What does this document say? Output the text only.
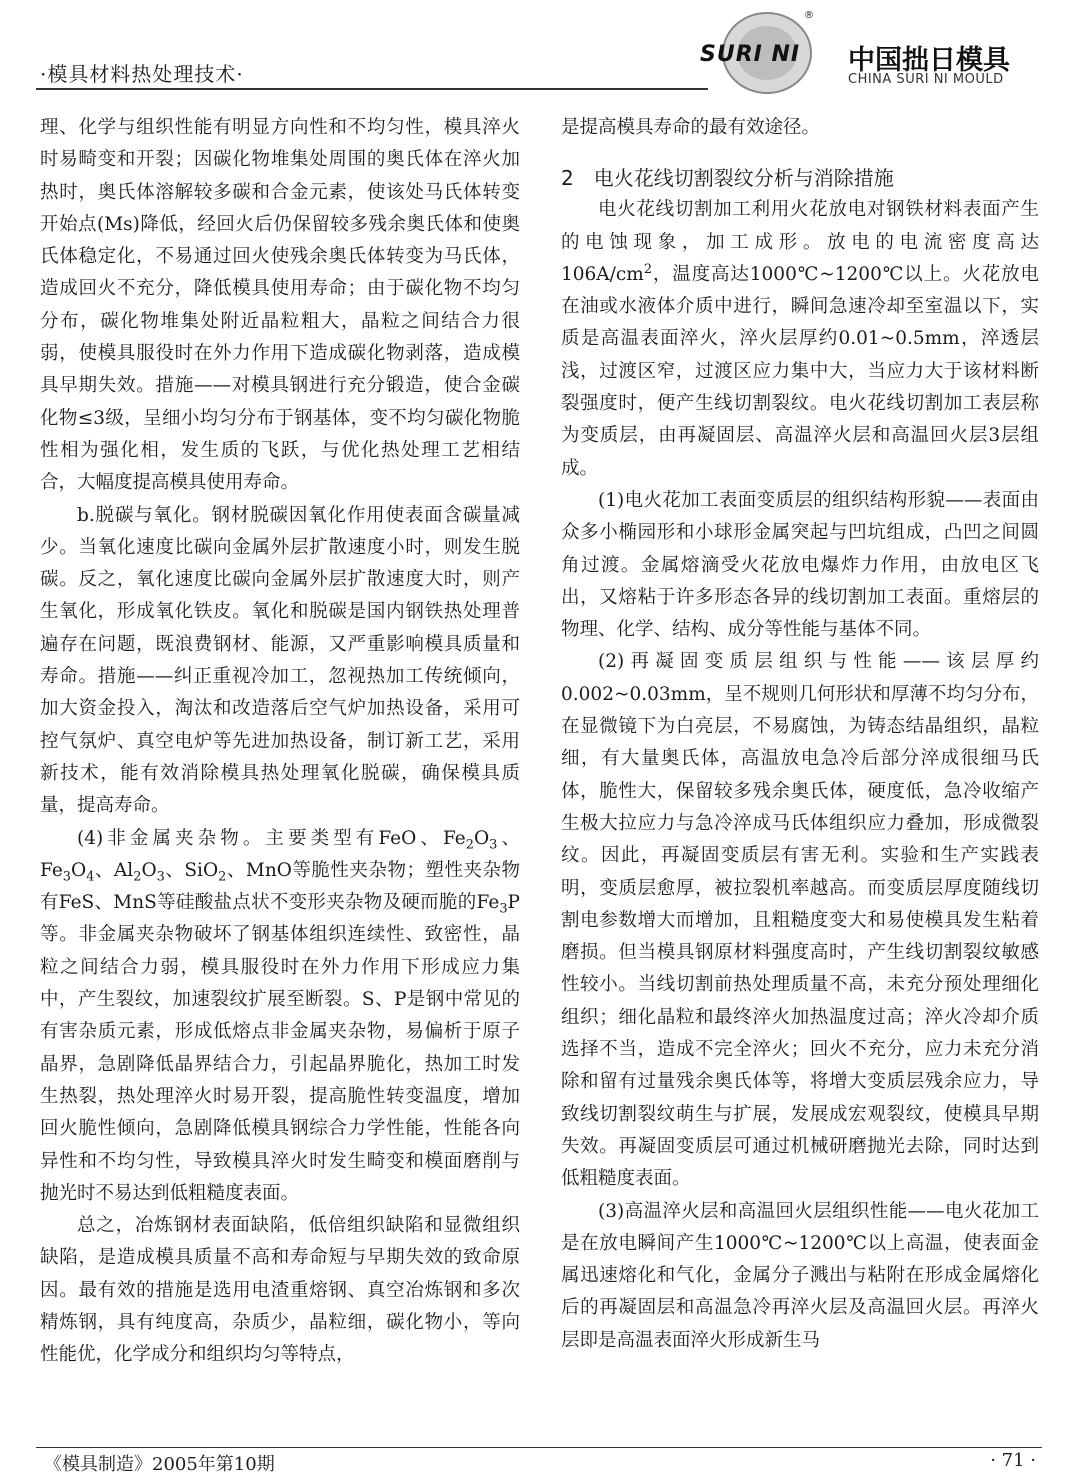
·模具材料热处理技术·
SURI NI
®
中国拙日模具
CHINA SURI NI MOULD

理、化学与组织性能有明显方向性和不均匀性，模具淬火时易畸变和开裂；因碳化物堆集处周围的奥氏体在淬火加热时，奥氏体溶解较多碳和合金元素，使该处马氏体转变开始点(Ms)降低，经回火后仍保留较多残余奥氏体和使奥氏体稳定化，不易通过回火使残余奥氏体转变为马氏体，造成回火不充分，降低模具使用寿命；由于碳化物不均匀分布，碳化物堆集处附近晶粒粗大，晶粒之间结合力很弱，使模具服役时在外力作用下造成碳化物剥落，造成模具早期失效。措施——对模具钢进行充分锻造，使合金碳化物≤3级，呈细小均匀分布于钢基体，变不均匀碳化物脆性相为强化相，发生质的飞跃，与优化热处理工艺相结合，大幅度提高模具使用寿命。

b.脱碳与氧化。钢材脱碳因氧化作用使表面含碳量减少。当氧化速度比碳向金属外层扩散速度小时，则发生脱碳。反之，氧化速度比碳向金属外层扩散速度大时，则产生氧化，形成氧化铁皮。氧化和脱碳是国内钢铁热处理普遍存在问题，既浪费钢材、能源，又严重影响模具质量和寿命。措施——纠正重视冷加工，忽视热加工传统倾向，加大资金投入，淘汰和改造落后空气炉加热设备，采用可控气氛炉、真空电炉等先进加热设备，制订新工艺，采用新技术，能有效消除模具热处理氧化脱碳，确保模具质量，提高寿命。

(4)非金属夹杂物。主要类型有FeO、$Fe_2O_3$、$Fe_3O_4$、$Al_2O_3$、SiO$_2$、MnO等脆性夹杂物；塑性夹杂物有FeS、MnS等硅酸盐点状不变形夹杂物及硬而脆的$Fe_3P$等。非金属夹杂物破坏了钢基体组织连续性、致密性，晶粒之间结合力弱，模具服役时在外力作用下形成应力集中，产生裂纹，加速裂纹扩展至断裂。S、P是钢中常见的有害杂质元素，形成低熔点非金属夹杂物，易偏析于原子晶界，急剧降低晶界结合力，引起晶界脆化，热加工时发生热裂，热处理淬火时易开裂，提高脆性转变温度，增加回火脆性倾向，急剧降低模具钢综合力学性能，性能各向异性和不均匀性，导致模具淬火时发生畸变和模面磨削与抛光时不易达到低粗糙度表面。

总之，冶炼钢材表面缺陷，低倍组织缺陷和显微组织缺陷，是造成模具质量不高和寿命短与早期失效的致命原因。最有效的措施是选用电渣重熔钢、真空冶炼钢和多次精炼钢，具有纯度高，杂质少，晶粒细，碳化物小，等向性能优，化学成分和组织均匀等特点，

是提高模具寿命的最有效途径。

2　电火花线切割裂纹分析与消除措施

电火花线切割加工利用火花放电对钢铁材料表面产生的电蚀现象，加工成形。放电的电流密度高达$106A/cm^2$，温度高达1000℃~1200℃以上。火花放电在油或水液体介质中进行，瞬间急速冷却至室温以下，实质是高温表面淬火，淬火层厚约0.01~0.5mm，淬透层浅，过渡区窄，过渡区应力集中大，当应力大于该材料断裂强度时，便产生线切割裂纹。电火花线切割加工表层称为变质层，由再凝固层、高温淬火层和高温回火层3层组成。

(1)电火花加工表面变质层的组织结构形貌——表面由众多小椭园形和小球形金属突起与凹坑组成，凸凹之间圆角过渡。金属熔滴受火花放电爆炸力作用，由放电区飞出，又熔粘于许多形态各异的线切割加工表面。重熔层的物理、化学、结构、成分等性能与基体不同。

(2)再凝固变质层组织与性能——该层厚约0.002~0.03mm，呈不规则几何形状和厚薄不均匀分布，在显微镜下为白亮层，不易腐蚀，为铸态结晶组织，晶粒细，有大量奥氏体，高温放电急冷后部分淬成很细马氏体，脆性大，保留较多残余奥氏体，硬度低，急冷收缩产生极大拉应力与急冷淬成马氏体组织应力叠加，形成微裂纹。因此，再凝固变质层有害无利。实验和生产实践表明，变质层愈厚，被拉裂机率越高。而变质层厚度随线切割电参数增大而增加，且粗糙度变大和易使模具发生粘着磨损。但当模具钢原材料强度高时，产生线切割裂纹敏感性较小。当线切割前热处理质量不高，未充分预处理细化组织；细化晶粒和最终淬火加热温度过高；淬火冷却介质选择不当，造成不完全淬火；回火不充分，应力未充分消除和留有过量残余奥氏体等，将增大变质层残余应力，导致线切割裂纹萌生与扩展，发展成宏观裂纹，使模具早期失效。再凝固变质层可通过机械研磨抛光去除，同时达到低粗糙度表面。

(3)高温淬火层和高温回火层组织性能——电火花加工是在放电瞬间产生1000℃~1200℃以上高温，使表面金属迅速熔化和气化，金属分子溅出与粘附在形成金属熔化后的再凝固层和高温急冷再淬火层及高温回火层。再淬火层即是高温表面淬火形成新生马

《模具制造》2005年第10期	· 71 ·
